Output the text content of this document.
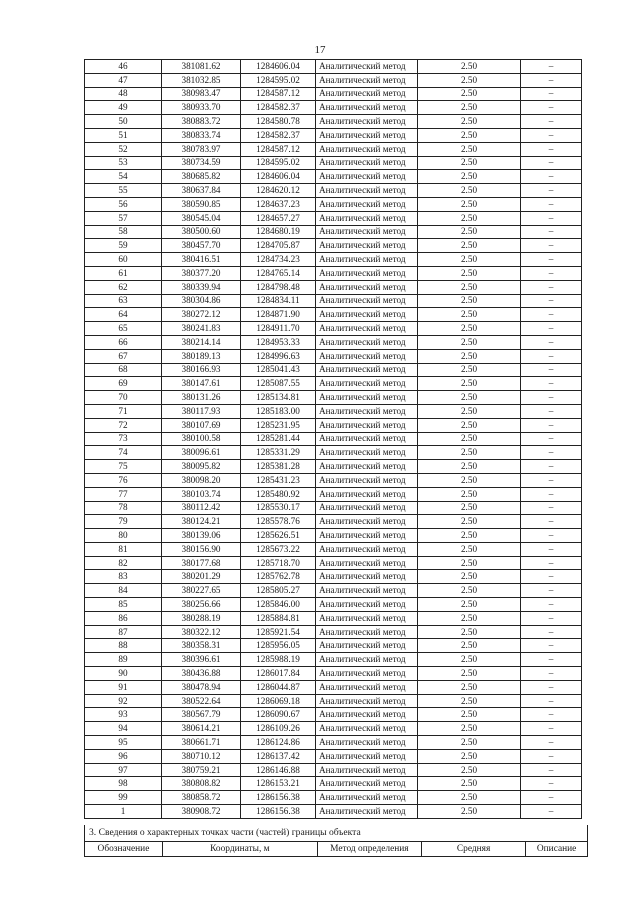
17
46	381081.62	1284606.04	Аналитический метод	2.50	–
47	381032.85	1284595.02	Аналитический метод	2.50	–
48	380983.47	1284587.12	Аналитический метод	2.50	–
49	380933.70	1284582.37	Аналитический метод	2.50	–
50	380883.72	1284580.78	Аналитический метод	2.50	–
51	380833.74	1284582.37	Аналитический метод	2.50	–
52	380783.97	1284587.12	Аналитический метод	2.50	–
53	380734.59	1284595.02	Аналитический метод	2.50	–
54	380685.82	1284606.04	Аналитический метод	2.50	–
55	380637.84	1284620.12	Аналитический метод	2.50	–
56	380590.85	1284637.23	Аналитический метод	2.50	–
57	380545.04	1284657.27	Аналитический метод	2.50	–
58	380500.60	1284680.19	Аналитический метод	2.50	–
59	380457.70	1284705.87	Аналитический метод	2.50	–
60	380416.51	1284734.23	Аналитический метод	2.50	–
61	380377.20	1284765.14	Аналитический метод	2.50	–
62	380339.94	1284798.48	Аналитический метод	2.50	–
63	380304.86	1284834.11	Аналитический метод	2.50	–
64	380272.12	1284871.90	Аналитический метод	2.50	–
65	380241.83	1284911.70	Аналитический метод	2.50	–
66	380214.14	1284953.33	Аналитический метод	2.50	–
67	380189.13	1284996.63	Аналитический метод	2.50	–
68	380166.93	1285041.43	Аналитический метод	2.50	–
69	380147.61	1285087.55	Аналитический метод	2.50	–
70	380131.26	1285134.81	Аналитический метод	2.50	–
71	380117.93	1285183.00	Аналитический метод	2.50	–
72	380107.69	1285231.95	Аналитический метод	2.50	–
73	380100.58	1285281.44	Аналитический метод	2.50	–
74	380096.61	1285331.29	Аналитический метод	2.50	–
75	380095.82	1285381.28	Аналитический метод	2.50	–
76	380098.20	1285431.23	Аналитический метод	2.50	–
77	380103.74	1285480.92	Аналитический метод	2.50	–
78	380112.42	1285530.17	Аналитический метод	2.50	–
79	380124.21	1285578.76	Аналитический метод	2.50	–
80	380139.06	1285626.51	Аналитический метод	2.50	–
81	380156.90	1285673.22	Аналитический метод	2.50	–
82	380177.68	1285718.70	Аналитический метод	2.50	–
83	380201.29	1285762.78	Аналитический метод	2.50	–
84	380227.65	1285805.27	Аналитический метод	2.50	–
85	380256.66	1285846.00	Аналитический метод	2.50	–
86	380288.19	1285884.81	Аналитический метод	2.50	–
87	380322.12	1285921.54	Аналитический метод	2.50	–
88	380358.31	1285956.05	Аналитический метод	2.50	–
89	380396.61	1285988.19	Аналитический метод	2.50	–
90	380436.88	1286017.84	Аналитический метод	2.50	–
91	380478.94	1286044.87	Аналитический метод	2.50	–
92	380522.64	1286069.18	Аналитический метод	2.50	–
93	380567.79	1286090.67	Аналитический метод	2.50	–
94	380614.21	1286109.26	Аналитический метод	2.50	–
95	380661.71	1286124.86	Аналитический метод	2.50	–
96	380710.12	1286137.42	Аналитический метод	2.50	–
97	380759.21	1286146.88	Аналитический метод	2.50	–
98	380808.82	1286153.21	Аналитический метод	2.50	–
99	380858.72	1286156.38	Аналитический метод	2.50	–
1	380908.72	1286156.38	Аналитический метод	2.50	–
3. Сведения о характерных точках части (частей) границы объекта
Обозначение	Координаты, м	Метод определения	Средняя	Описание
